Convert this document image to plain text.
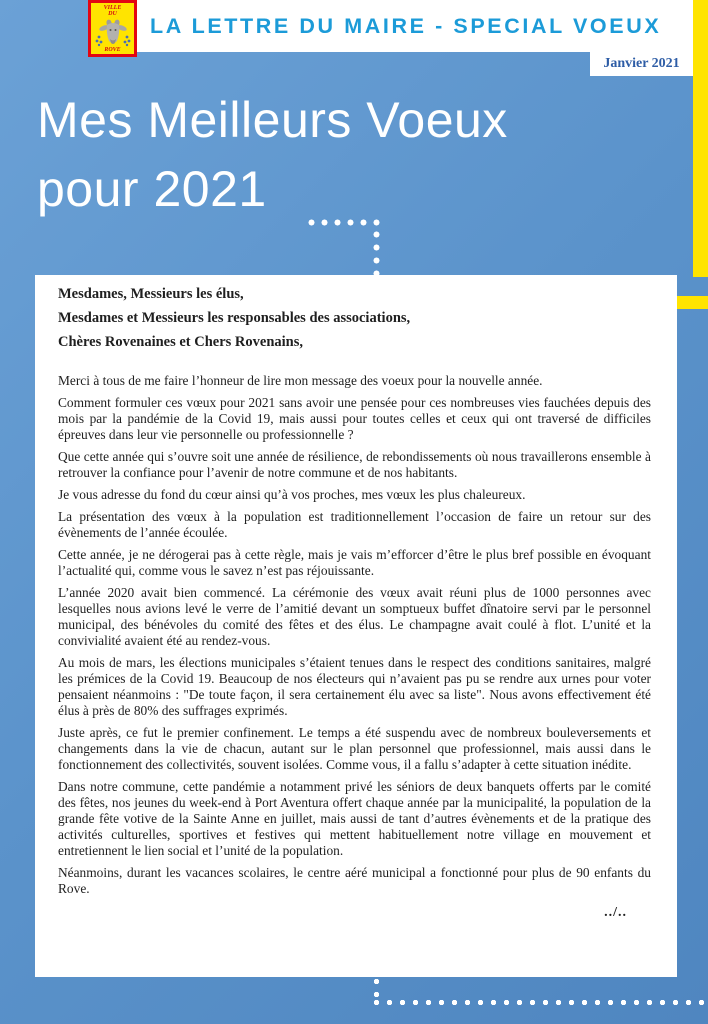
LA LETTRE DU MAIRE - SPECIAL VOEUX
VILLE
DU
ROVE
Janvier 2021
Mes Meilleurs Voeux
pour 2021

Mesdames, Messieurs les élus,

Mesdames et Messieurs les responsables des associations,

Chères Rovenaines et Chers Rovenains,

Merci à tous de me faire l’honneur de lire mon message des voeux pour la nouvelle année.

Comment formuler ces vœux pour 2021 sans avoir une pensée pour ces nombreuses vies fauchées depuis des mois par la pandémie de la Covid 19, mais aussi pour toutes celles et ceux qui ont traversé de difficiles épreuves dans leur vie personnelle ou professionnelle ?

Que cette année qui s’ouvre soit une année de résilience, de rebondissements où nous travaillerons ensemble à retrouver la confiance pour l’avenir de notre commune et de nos habitants.

Je vous adresse du fond du cœur ainsi qu’à vos proches, mes vœux les plus chaleureux.

La présentation des vœux à la population est traditionnellement l’occasion de faire un retour sur des évènements de l’année écoulée.

Cette année, je ne dérogerai pas à cette règle, mais je vais m’efforcer d’être le plus bref possible en évoquant l’actualité qui, comme vous le savez n’est pas réjouissante.

L’année 2020 avait bien commencé. La cérémonie des vœux avait réuni plus de 1000 personnes avec lesquelles nous avions levé le verre de l’amitié devant un somptueux buffet dînatoire servi par le personnel municipal, des bénévoles du comité des fêtes et des élus. Le champagne avait coulé à flot. L’unité et la convivialité avaient été au rendez-vous.

Au mois de mars, les élections municipales s’étaient tenues dans le respect des conditions sanitaires, malgré les prémices de la Covid 19. Beaucoup de nos électeurs qui n’avaient pas pu se rendre aux urnes pour voter pensaient néanmoins : "De toute façon, il sera certainement élu avec sa liste". Nous avons effectivement été élus à près de 80% des suffrages exprimés.

Juste après, ce fut le premier confinement. Le temps a été suspendu avec de nombreux bouleversements et changements dans la vie de chacun, autant sur le plan personnel que professionnel, mais aussi dans le fonctionnement des collectivités, souvent isolées. Comme vous, il a fallu s’adapter à cette situation inédite.

Dans notre commune, cette pandémie a notamment privé les séniors de deux banquets offerts par le comité des fêtes, nos jeunes du week-end à Port Aventura offert chaque année par la municipalité, la population de la grande fête votive de la Sainte Anne en juillet, mais aussi de tant d’autres évènements et de la pratique des activités culturelles, sportives et festives qui mettent habituellement notre village en mouvement et entretiennent le lien social et l’unité de la population.

Néanmoins, durant les vacances scolaires, le centre aéré municipal a fonctionné pour plus de 90 enfants du Rove.

../..
